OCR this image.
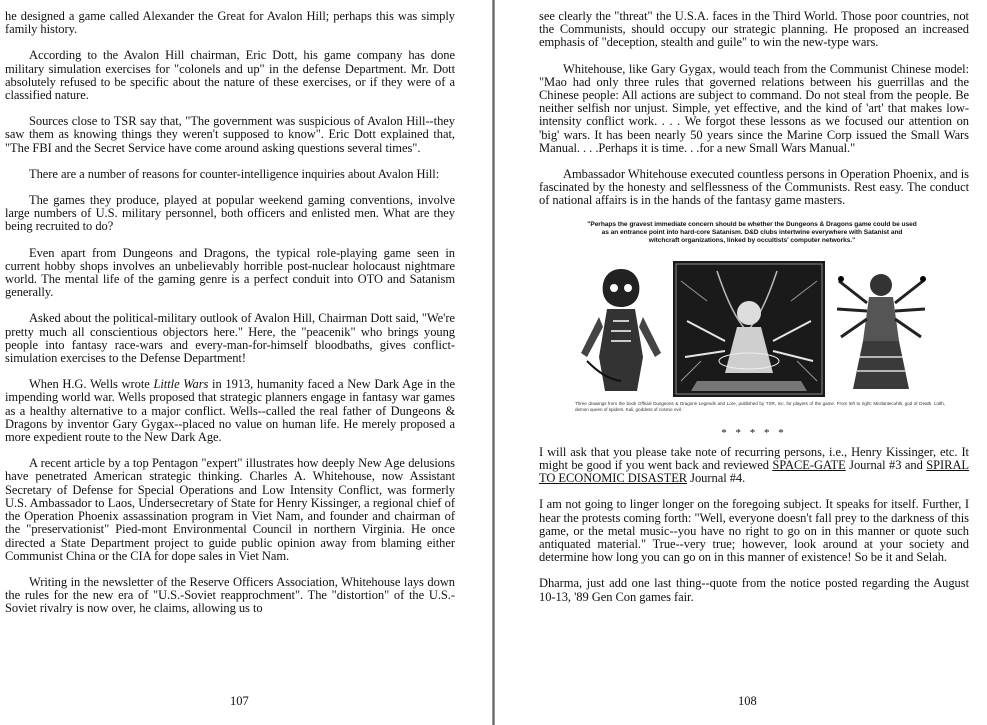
he designed a game called Alexander the Great for Avalon Hill; perhaps this was simply family history.

According to the Avalon Hill chairman, Eric Dott, his game company has done military simulation exercises for "colonels and up" in the defense Department. Mr. Dott absolutely refused to be specific about the nature of these exercises, or if they were of a classified nature.

Sources close to TSR say that, "The government was suspicious of Avalon Hill--they saw them as knowing things they weren't supposed to know". Eric Dott explained that, "The FBI and the Secret Service have come around asking questions several times".

There are a number of reasons for counter-intelligence inquiries about Avalon Hill:

The games they produce, played at popular weekend gaming conventions, involve large numbers of U.S. military personnel, both officers and enlisted men. What are they being recruited to do?

Even apart from Dungeons and Dragons, the typical role-playing game seen in current hobby shops involves an unbelievably horrible post-nuclear holocaust nightmare world. The mental life of the gaming genre is a perfect conduit into OTO and Satanism generally.

Asked about the political-military outlook of Avalon Hill, Chairman Dott said, "We're pretty much all conscientious objectors here." Here, the "peacenik" who brings young people into fantasy race-wars and every-man-for-himself bloodbaths, gives conflict-simulation exercises to the Defense Department!

When H.G. Wells wrote Little Wars in 1913, humanity faced a New Dark Age in the impending world war. Wells proposed that strategic planners engage in fantasy war games as a healthy alternative to a major conflict. Wells--called the real father of Dungeons & Dragons by inventor Gary Gygax--placed no value on human life. He merely proposed a more expedient route to the New Dark Age.

A recent article by a top Pentagon "expert" illustrates how deeply New Age delusions have penetrated American strategic thinking. Charles A. Whitehouse, now Assistant Secretary of Defense for Special Operations and Low Intensity Conflict, was formerly U.S. Ambassador to Laos, Undersecretary of State for Henry Kissinger, a regional chief of the Operation Phoenix assassination program in Viet Nam, and founder and chairman of the "preservationist" Pied-mont Environmental Council in northern Virginia. He once directed a State Department project to guide public opinion away from blaming either Communist China or the CIA for dope sales in Viet Nam.

Writing in the newsletter of the Reserve Officers Association, Whitehouse lays down the rules for the new era of "U.S.-Soviet reapprochment". The "distortion" of the U.S.-Soviet rivalry is now over, he claims, allowing us to

107

see clearly the "threat" the U.S.A. faces in the Third World. Those poor countries, not the Communists, should occupy our strategic planning. He proposed an increased emphasis of "deception, stealth and guile" to win the new-type wars.

Whitehouse, like Gary Gygax, would teach from the Communist Chinese model: "Mao had only three rules that governed relations between his guerrillas and the Chinese people: All actions are subject to command. Do not steal from the people. Be neither selfish nor unjust. Simple, yet effective, and the kind of 'art' that makes low-intensity conflict work. . . . We forgot these lessons as we focused our attention on 'big' wars. It has been nearly 50 years since the Marine Corp issued the Small Wars Manual. . . .Perhaps it is time. . .for a new Small Wars Manual."

Ambassador Whitehouse executed countless persons in Operation Phoenix, and is fascinated by the honesty and selflessness of the Communists. Rest easy. The conduct of national affairs is in the hands of the fantasy game masters.

"Perhaps the gravest immediate concern should be whether the Dungeons & Dragons game could be used as an entrance point into hard-core Satanism. D&D clubs intertwine everywhere with Satanist and witchcraft organizations, linked by occultists' computer networks."
Three drawings from the book Official Dungeons & Dragons Legends and Lore, published by TSR, Inc. for players of the game. From left to right: Mictlantecuhtli, god of Death. Lolth, demon queen of spiders. Kali, goddess of cosmic evil.

* * * * *

I will ask that you please take note of recurring persons, i.e., Henry Kissinger, etc. It might be good if you went back and reviewed SPACE-GATE Journal #3 and SPIRAL TO ECONOMIC DISASTER Journal #4.

I am not going to linger longer on the foregoing subject. It speaks for itself. Further, I hear the protests coming forth: "Well, everyone doesn't fall prey to the darkness of this game, or the metal music--you have no right to go on in this manner or quote such antiquated material." True--very true; however, look around at your society and determine how long you can go on in this manner of existence! So be it and Selah.

Dharma, just add one last thing--quote from the notice posted regarding the August 10-13, '89 Gen Con games fair.

108
